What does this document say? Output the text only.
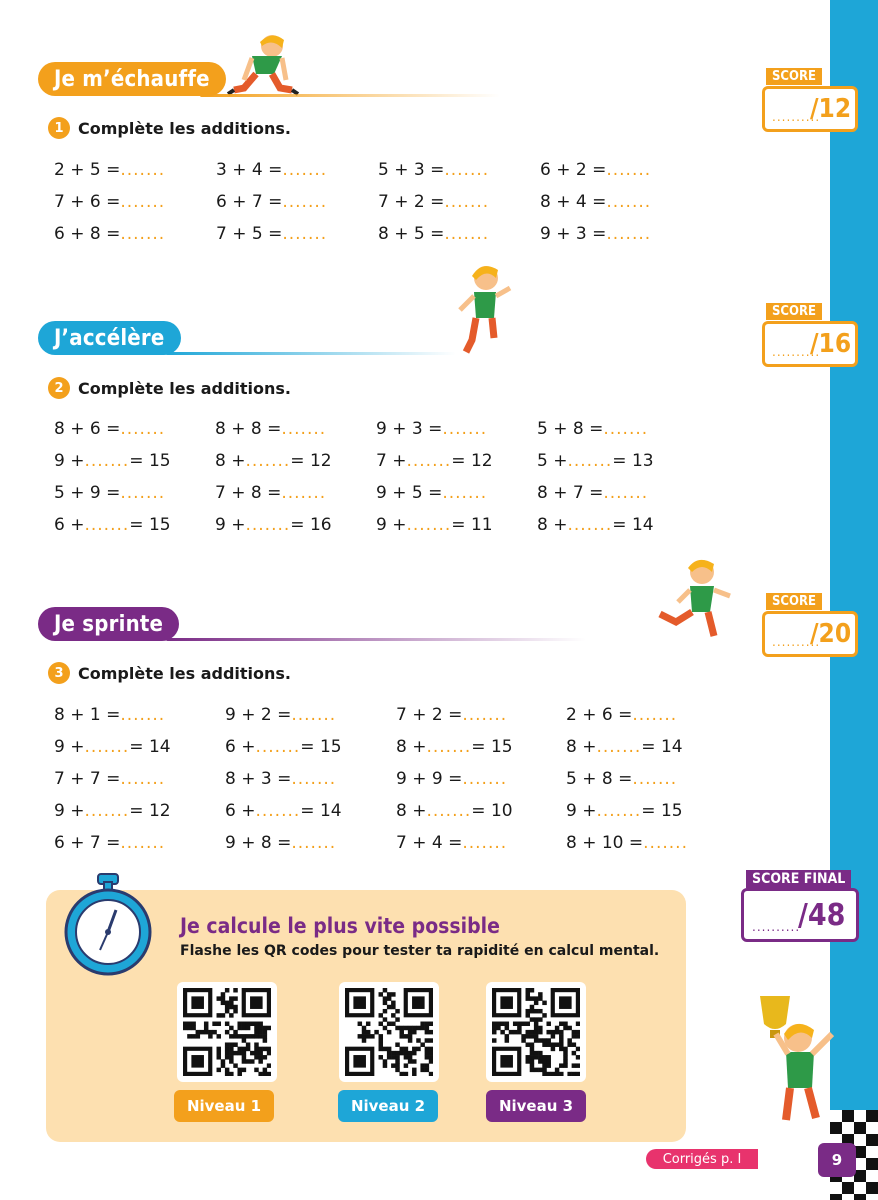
Je m’échauffe
1 Complète les additions.
2 + 5 = .......	3 + 4 = .......	5 + 3 = .......	6 + 2 = .......
7 + 6 = .......	6 + 7 = .......	7 + 2 = .......	8 + 4 = .......
6 + 8 = .......	7 + 5 = .......	8 + 5 = .......	9 + 3 = .......
SCORE
..........
/12
J’accélère
2 Complète les additions.
8 + 6 = .......	8 + 8 = .......	9 + 3 = .......	5 + 8 = .......
9 + ....... = 15	8 + ....... = 12	7 + ....... = 12	5 + ....... = 13
5 + 9 = .......	7 + 8 = .......	9 + 5 = .......	8 + 7 = .......
6 + ....... = 15	9 + ....... = 16	9 + ....... = 11	8 + ....... = 14
SCORE
..........
/16
Je sprinte
3 Complète les additions.
8 + 1 = .......	9 + 2 = .......	7 + 2 = .......	2 + 6 = .......
9 + ....... = 14	6 + ....... = 15	8 + ....... = 15	8 + ....... = 14
7 + 7 = .......	8 + 3 = .......	9 + 9 = .......	5 + 8 = .......
9 + ....... = 12	6 + ....... = 14	8 + ....... = 10	9 + ....... = 15
6 + 7 = .......	9 + 8 = .......	7 + 4 = .......	8 + 10 = .......
SCORE
..........
/20
SCORE FINAL
..........
/48
Je calcule le plus vite possible
Flashe les QR codes pour tester ta rapidité en calcul mental.
Niveau 1	Niveau 2	Niveau 3
Corrigés p. I	9
